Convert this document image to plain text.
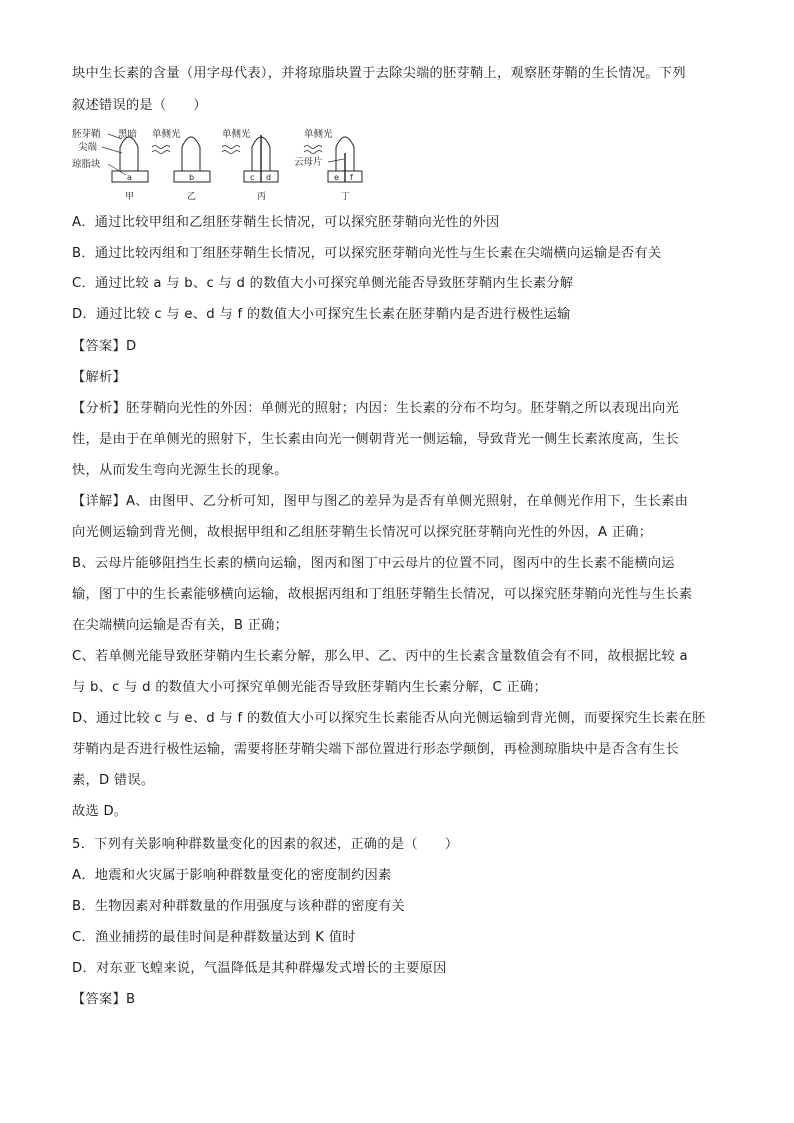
块中生长素的含量（用字母代表），并将琼脂块置于去除尖端的胚芽鞘上，观察胚芽鞘的生长情况。下列
叙述错误的是（　　）
胚芽鞘
尖端
琼脂块
黑暗
a
甲
单侧光
b
乙
单侧光
c d
丙
单侧光
云母片
e f
丁
A．通过比较甲组和乙组胚芽鞘生长情况，可以探究胚芽鞘向光性的外因
B．通过比较丙组和丁组胚芽鞘生长情况，可以探究胚芽鞘向光性与生长素在尖端横向运输是否有关
C．通过比较 a 与 b、c 与 d 的数值大小可探究单侧光能否导致胚芽鞘内生长素分解
D．通过比较 c 与 e、d 与 f 的数值大小可探究生长素在胚芽鞘内是否进行极性运输
【答案】D
【解析】
【分析】胚芽鞘向光性的外因：单侧光的照射；内因：生长素的分布不均匀。胚芽鞘之所以表现出向光
性，是由于在单侧光的照射下，生长素由向光一侧朝背光一侧运输，导致背光一侧生长素浓度高，生长
快，从而发生弯向光源生长的现象。
【详解】A、由图甲、乙分析可知，图甲与图乙的差异为是否有单侧光照射，在单侧光作用下，生长素由
向光侧运输到背光侧，故根据甲组和乙组胚芽鞘生长情况可以探究胚芽鞘向光性的外因，A 正确；
B、云母片能够阻挡生长素的横向运输，图丙和图丁中云母片的位置不同，图丙中的生长素不能横向运
输，图丁中的生长素能够横向运输，故根据丙组和丁组胚芽鞘生长情况，可以探究胚芽鞘向光性与生长素
在尖端横向运输是否有关，B 正确；
C、若单侧光能导致胚芽鞘内生长素分解，那么甲、乙、丙中的生长素含量数值会有不同，故根据比较 a
与 b、c 与 d 的数值大小可探究单侧光能否导致胚芽鞘内生长素分解，C 正确；
D、通过比较 c 与 e、d 与 f 的数值大小可以探究生长素能否从向光侧运输到背光侧，而要探究生长素在胚
芽鞘内是否进行极性运输，需要将胚芽鞘尖端下部位置进行形态学颠倒，再检测琼脂块中是否含有生长
素，D 错误。
故选 D。
5．下列有关影响种群数量变化的因素的叙述，正确的是（　　）
A．地震和火灾属于影响种群数量变化的密度制约因素
B．生物因素对种群数量的作用强度与该种群的密度有关
C．渔业捕捞的最佳时间是种群数量达到 K 值时
D．对东亚飞蝗来说，气温降低是其种群爆发式增长的主要原因
【答案】B
